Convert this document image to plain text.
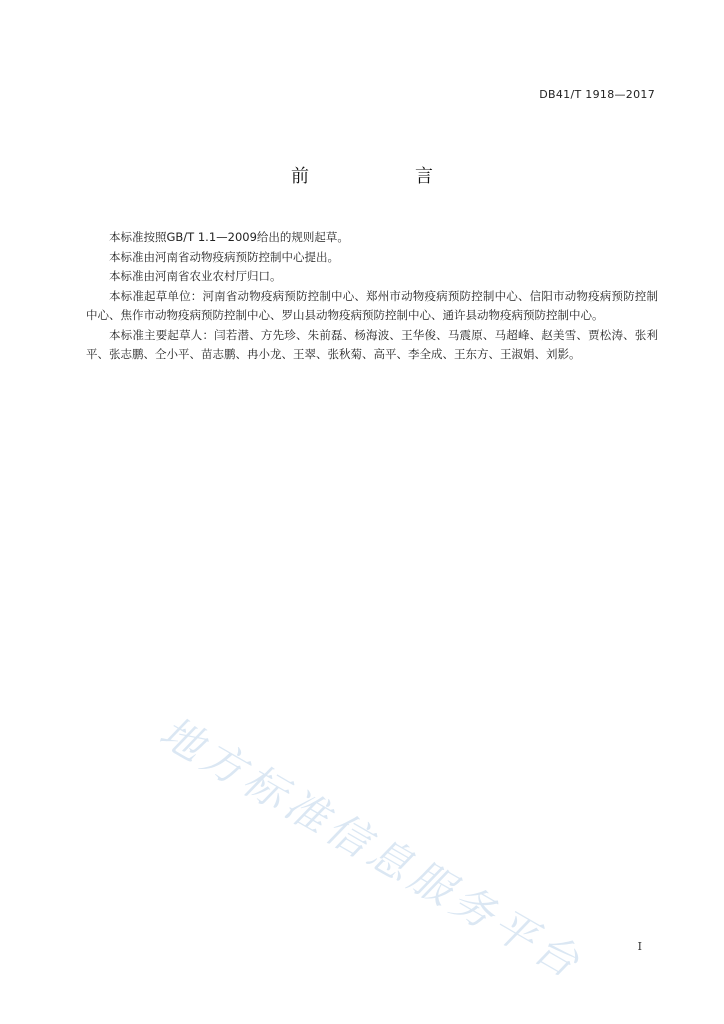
DB41/T 1918—2017
前　言

本标准按照GB/T 1.1—2009给出的规则起草。

本标准由河南省动物疫病预防控制中心提出。

本标准由河南省农业农村厅归口。

本标准起草单位：河南省动物疫病预防控制中心、郑州市动物疫病预防控制中心、信阳市动物疫病预防控制中心、焦作市动物疫病预防控制中心、罗山县动物疫病预防控制中心、通许县动物疫病预防控制中心。

本标准主要起草人：闫若潜、方先珍、朱前磊、杨海波、王华俊、马震原、马超峰、赵美雪、贾松涛、张利平、张志鹏、仝小平、苗志鹏、冉小龙、王翠、张秋菊、高平、李全成、王东方、王淑娟、刘影。

地方标准信息服务平台	I
